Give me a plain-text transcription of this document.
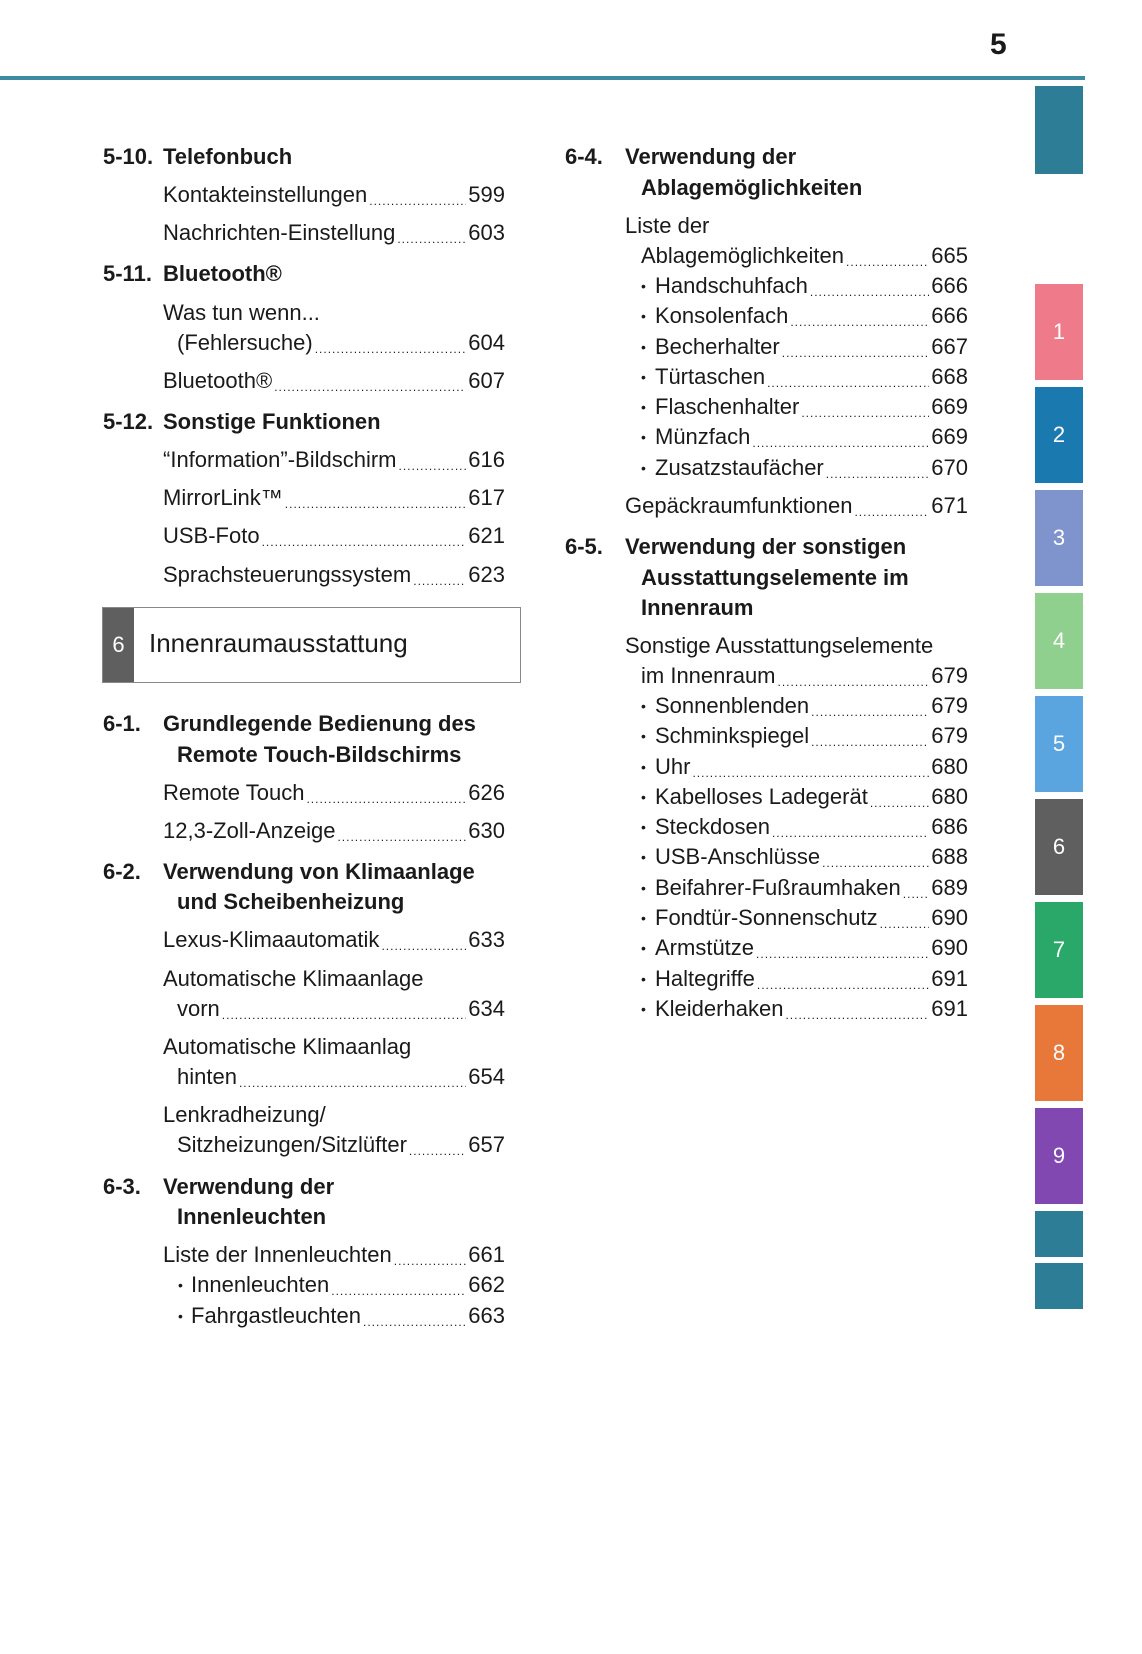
5
6 Innenraumausstattung
1
2
3
4
5
6
7
8
9
5-10. Telefonbuch
Kontakteinstellungen .....	599
Nachrichten-Einstellung .....	603
5-11. Bluetooth®
Was tun wenn...
(Fehlersuche) .....	604
Bluetooth® .....	607
5-12. Sonstige Funktionen
“Information”-Bildschirm .....	616
MirrorLink™ .....	617
USB-Foto .....	621
Sprachsteuerungssystem .....	623
6-1. Grundlegende Bedienung des
Remote Touch-Bildschirms
Remote Touch .....	626
12,3-Zoll-Anzeige .....	630
6-2. Verwendung von Klimaanlage
und Scheibenheizung
Lexus-Klimaautomatik .....	633
Automatische Klimaanlage
vorn .....	634
Automatische Klimaanlag
hinten .....	654
Lenkradheizung/
Sitzheizungen/Sitzlüfter .....	657
6-3. Verwendung der
Innenleuchten
Liste der Innenleuchten .....	661
• Innenleuchten .....	662
• Fahrgastleuchten .....	663
6-4. Verwendung der
Ablagemöglichkeiten
Liste der
Ablagemöglichkeiten .....	665
• Handschuhfach .....	666
• Konsolenfach .....	666
• Becherhalter .....	667
• Türtaschen .....	668
• Flaschenhalter .....	669
• Münzfach .....	669
• Zusatzstaufächer .....	670
Gepäckraumfunktionen .....	671
6-5. Verwendung der sonstigen
Ausstattungselemente im
Innenraum
Sonstige Ausstattungselemente
im Innenraum .....	679
• Sonnenblenden .....	679
• Schminkspiegel .....	679
• Uhr .....	680
• Kabelloses Ladegerät .....	680
• Steckdosen .....	686
• USB-Anschlüsse .....	688
• Beifahrer-Fußraumhaken ..... 689
• Fondtür-Sonnenschutz ..... 690
• Armstütze .....	690
• Haltegriffe .....	691
• Kleiderhaken .....	691
